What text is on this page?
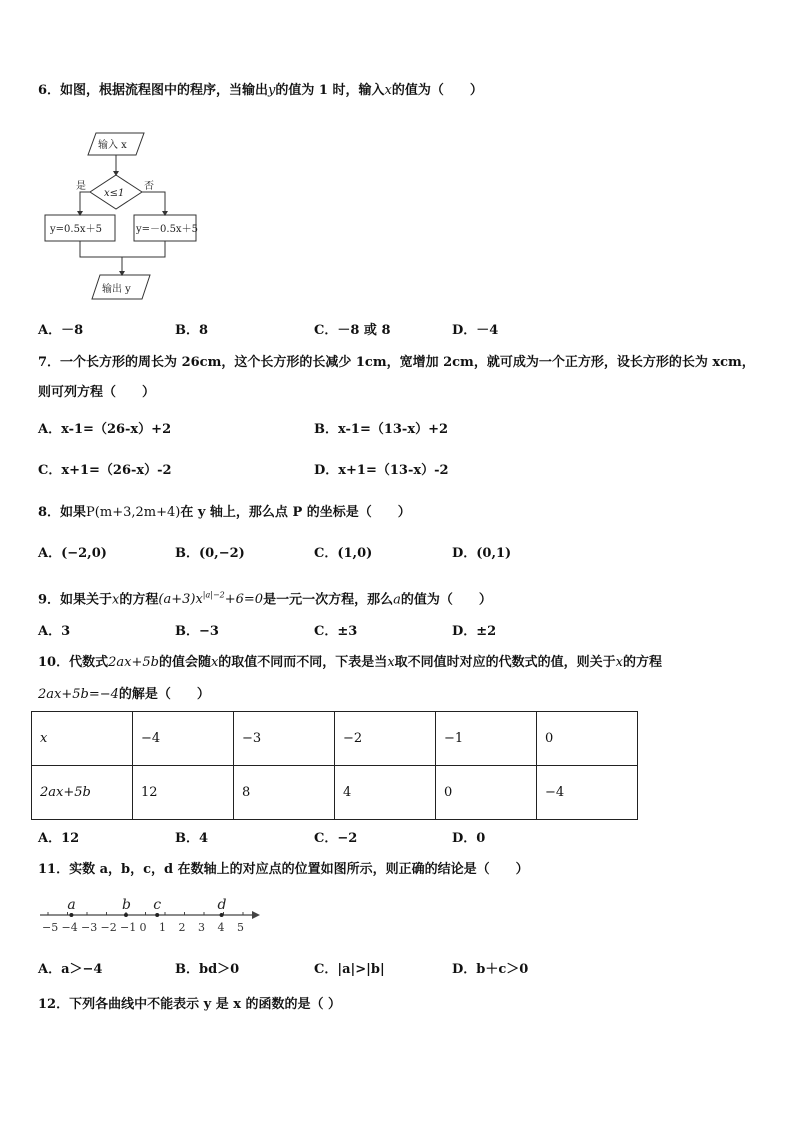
6．如图，根据流程图中的程序，当输出y的值为 1 时，输入x的值为（　　）
输入 x
x≤1
是	否
y=0.5x＋5	y=－0.5x＋5
输出 y
A．－8	B．8	C．－8 或 8	D．－4
7．一个长方形的周长为 26cm，这个长方形的长减少 1cm，宽增加 2cm，就可成为一个正方形，设长方形的长为 xcm，
则可列方程（　　）
A．x-1=（26-x）+2	B．x-1=（13-x）+2
C．x+1=（26-x）-2	D．x+1=（13-x）-2
8．如果P(m+3,2m+4)在 y 轴上，那么点 P 的坐标是（　　）
A．(−2,0)	B．(0,−2)	C．(1,0)	D．(0,1)
9．如果关于x的方程$(a+3)x^{|a|-2}+6=0$是一元一次方程，那么a的值为（　　）
A．3	B．−3	C．±3	D．±2
10．代数式2ax+5b的值会随x的取值不同而不同，下表是当x取不同值时对应的代数式的值，则关于x的方程
2ax+5b=−4的解是（　　）
x	−4	−3	−2	−1	0
2ax+5b	12	8	4	0	−4
A．12	B．4	C．−2	D．0
11．实数 a，b，c，d 在数轴上的对应点的位置如图所示，则正确的结论是（　　）
−5 −4 −3 −2 −1 0 1 2 3 4 5
a	b c	d
A．a＞−4	B．bd＞0	C．|a|>|b|	D．b＋c＞0
12．下列各曲线中不能表示 y 是 x 的函数的是（ ）
